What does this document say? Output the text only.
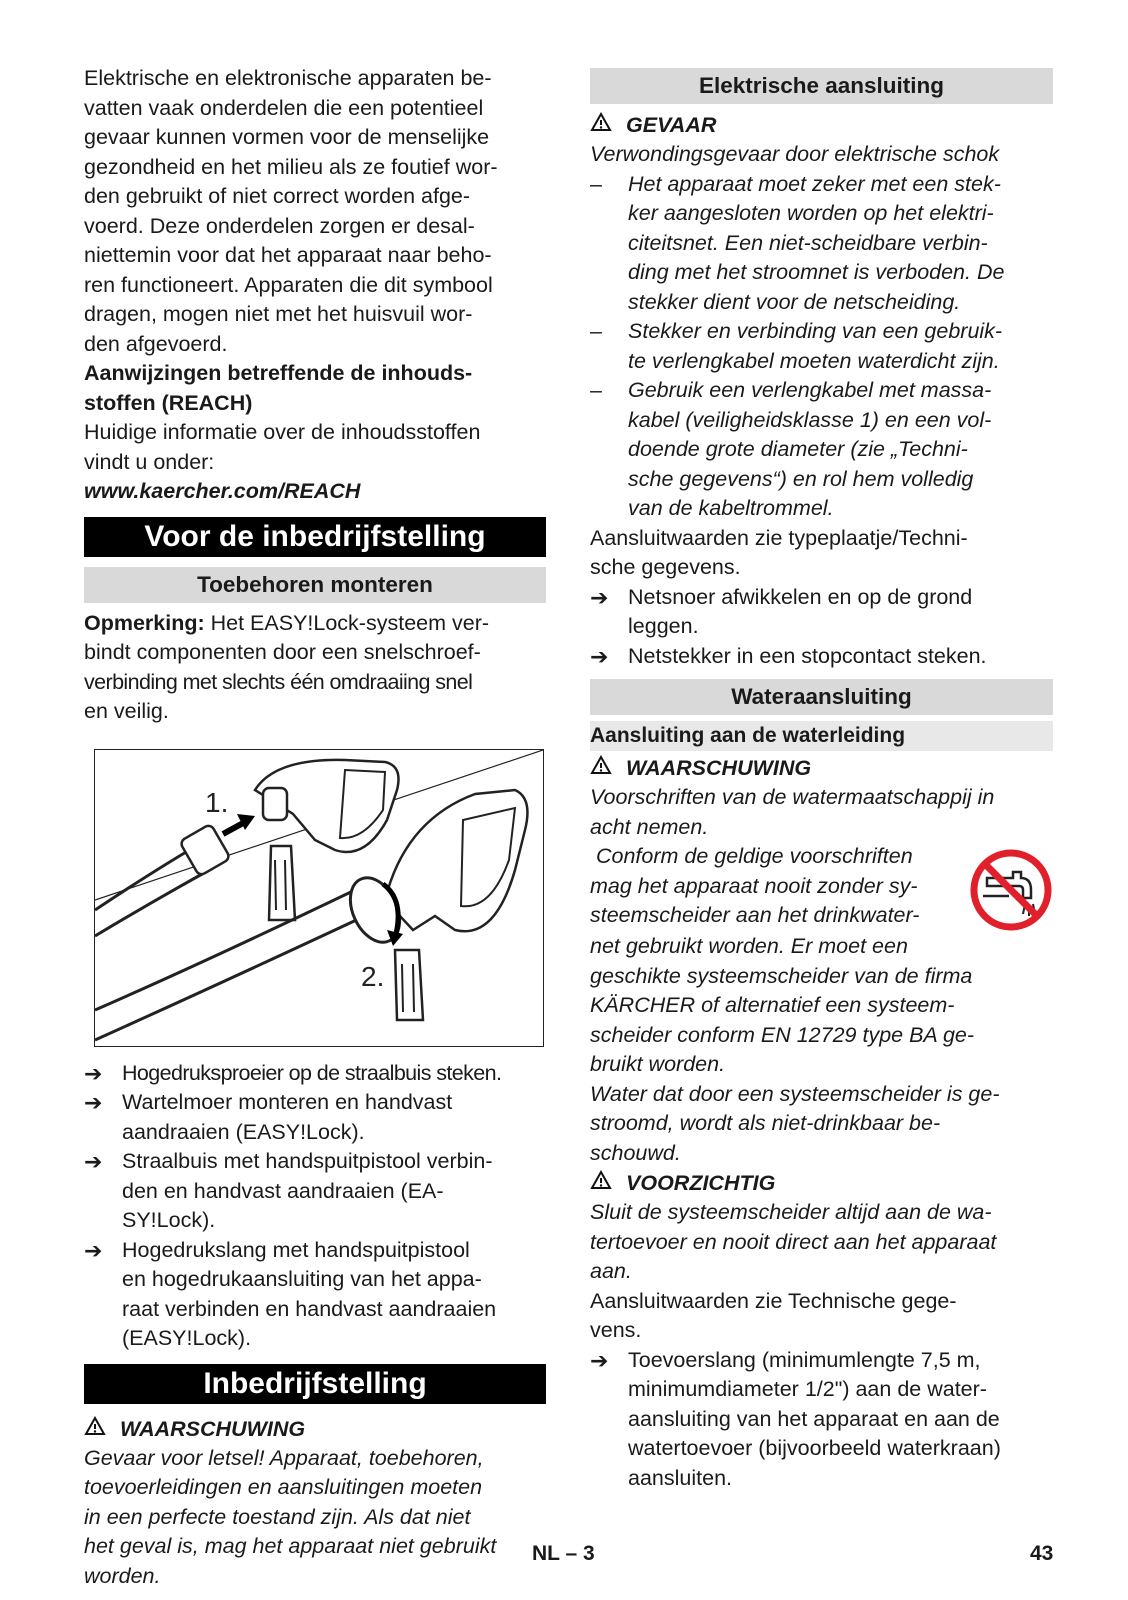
Elektrische en elektronische apparaten be-

vatten vaak onderdelen die een potentieel

gevaar kunnen vormen voor de menselijke

gezondheid en het milieu als ze foutief wor-

den gebruikt of niet correct worden afge-

voerd. Deze onderdelen zorgen er desal-

niettemin voor dat het apparaat naar beho-

ren functioneert. Apparaten die dit symbool

dragen, mogen niet met het huisvuil wor-

den afgevoerd.

Aanwijzingen betreffende de inhouds-

stoffen (REACH)

Huidige informatie over de inhoudsstoffen

vindt u onder:

www.kaercher.com/REACH

Voor de inbedrijfstelling
Toebehoren monteren

Opmerking: Het EASY!Lock-systeem ver-

bindt componenten door een snelschroef-

verbinding met slechts één omdraaiing snel

en veilig.

1.
2.
➔ Hogedruksproeier op de straalbuis steken.

➔ Wartelmoer monteren en handvast

aandraaien (EASY!Lock).

➔ Straalbuis met handspuitpistool verbin-

den en handvast aandraaien (EA-

SY!Lock).

➔ Hogedrukslang met handspuitpistool

en hogedrukaansluiting van het appa-

raat verbinden en handvast aandraaien

(EASY!Lock).

Inbedrijfstelling
WAARSCHUWING

Gevaar voor letsel! Apparaat, toebehoren,

toevoerleidingen en aansluitingen moeten

in een perfecte toestand zijn. Als dat niet

het geval is, mag het apparaat niet gebruikt

worden.

Elektrische aansluiting
GEVAAR

Verwondingsgevaar door elektrische schok

–	Het apparaat moet zeker met een stek-

ker aangesloten worden op het elektri-

citeitsnet. Een niet-scheidbare verbin-

ding met het stroomnet is verboden. De

stekker dient voor de netscheiding.

–	Stekker en verbinding van een gebruik-

te verlengkabel moeten waterdicht zijn.

–	Gebruik een verlengkabel met massa-

kabel (veiligheidsklasse 1) en een vol-

doende grote diameter (zie „Techni-

sche gegevens“) en rol hem volledig

van de kabeltrommel.

Aansluitwaarden zie typeplaatje/Techni-

sche gegevens.

➔ Netsnoer afwikkelen en op de grond

leggen.

➔ Netstekker in een stopcontact steken.

Wateraansluiting
Aansluiting aan de waterleiding
WAARSCHUWING

Voorschriften van de watermaatschappij in

acht nemen.

Conform de geldige voorschriften

mag het apparaat nooit zonder sy-

steemscheider aan het drinkwater-

net gebruikt worden. Er moet een

geschikte systeemscheider van de firma

KÄRCHER of alternatief een systeem-

scheider conform EN 12729 type BA ge-

bruikt worden.

Water dat door een systeemscheider is ge-

stroomd, wordt als niet-drinkbaar be-

schouwd.

VOORZICHTIG

Sluit de systeemscheider altijd aan de wa-

tertoevoer en nooit direct aan het apparaat

aan.

Aansluitwaarden zie Technische gege-

vens.

➔ Toevoerslang (minimumlengte 7,5 m,

minimumdiameter 1/2") aan de water-

aansluiting van het apparaat en aan de

watertoevoer (bijvoorbeeld waterkraan)

aansluiten.

NL – 3	43
